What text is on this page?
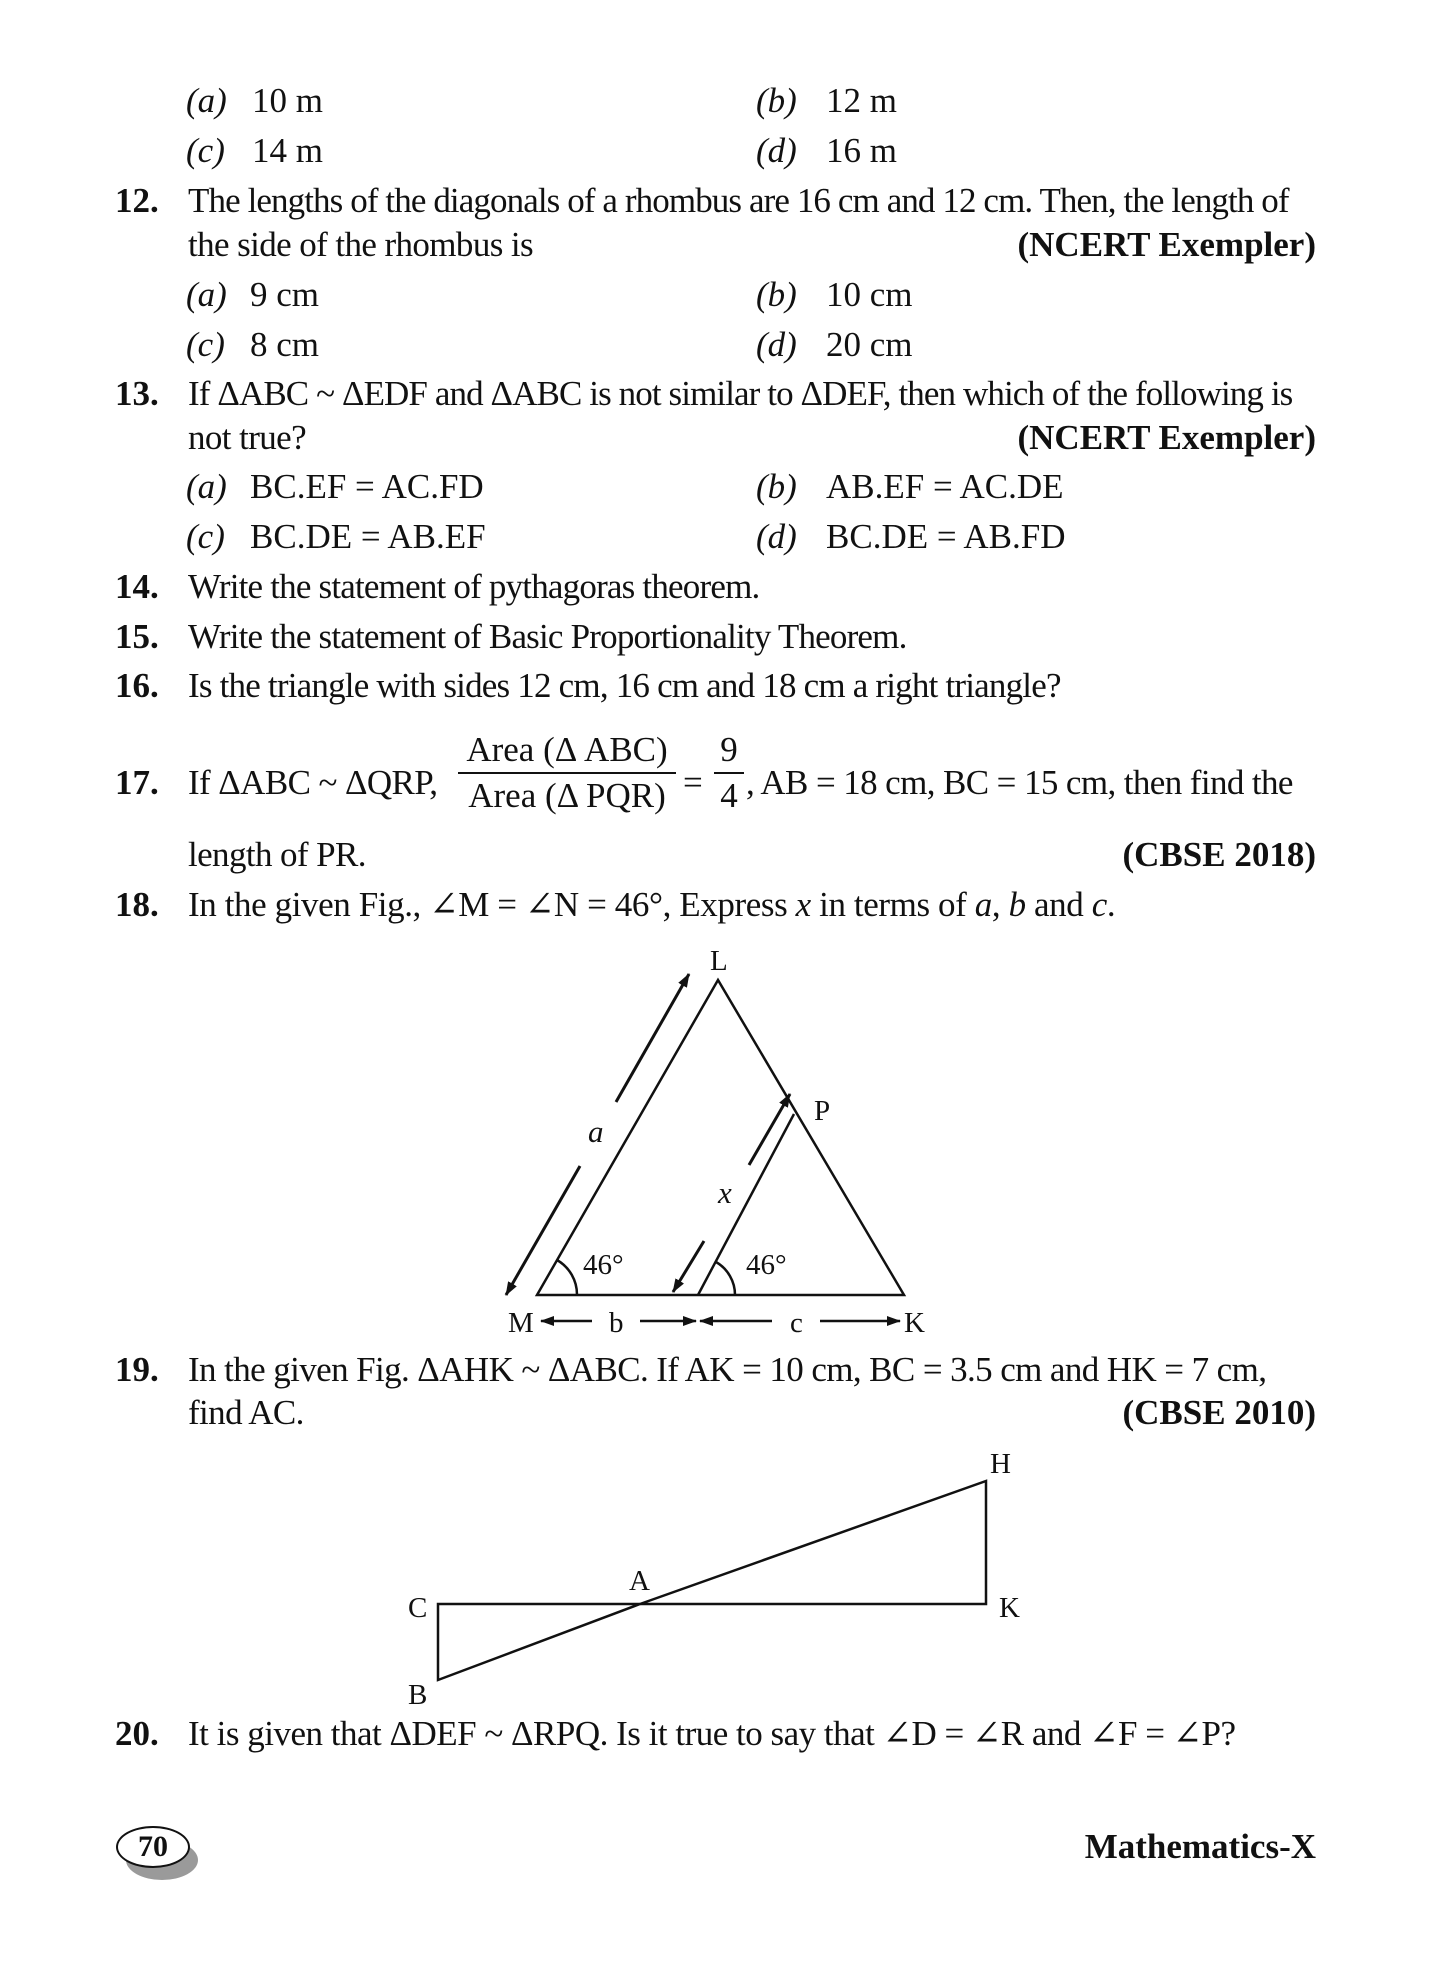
(a) 10 m	(b) 12 m
(c) 14 m	(d) 16 m
12. The lengths of the diagonals of a rhombus are 16 cm and 12 cm. Then, the length of
the side of the rhombus is	(NCERT Exempler)
(a) 9 cm	(b) 10 cm
(c) 8 cm	(d) 20 cm
13. If ΔABC ~ ΔEDF and ΔABC is not similar to ΔDEF, then which of the following is
not true?	(NCERT Exempler)
(a) BC.EF = AC.FD	(b) AB.EF = AC.DE
(c) BC.DE = AB.EF	(d) BC.DE = AB.FD
14. Write the statement of pythagoras theorem.
15. Write the statement of Basic Proportionality Theorem.
16. Is the triangle with sides 12 cm, 16 cm and 18 cm a right triangle?
17. If ΔABC ~ ΔQRP,
Area (Δ ABC)
Area (Δ $PQR) = \frac{9}{4}$ , AB = 18 cm, BC = 15 cm, then find the
length of PR.	(CBSE 2018)
18. In the given Fig., ∠M = ∠N = 46°, Express x in terms of a, b and c.
L
P
M	K
b	c
46°	46°
a
x
19. In the given Fig. ΔAHK ~ ΔABC. If AK = 10 cm, BC = 3.5 cm and HK = 7 cm,
find AC.	(CBSE 2010)
H
A
C	K
B
20. It is given that ΔDEF ~ ΔRPQ. Is it true to say that ∠D = ∠R and ∠F = ∠P?
70	Mathematics-X
